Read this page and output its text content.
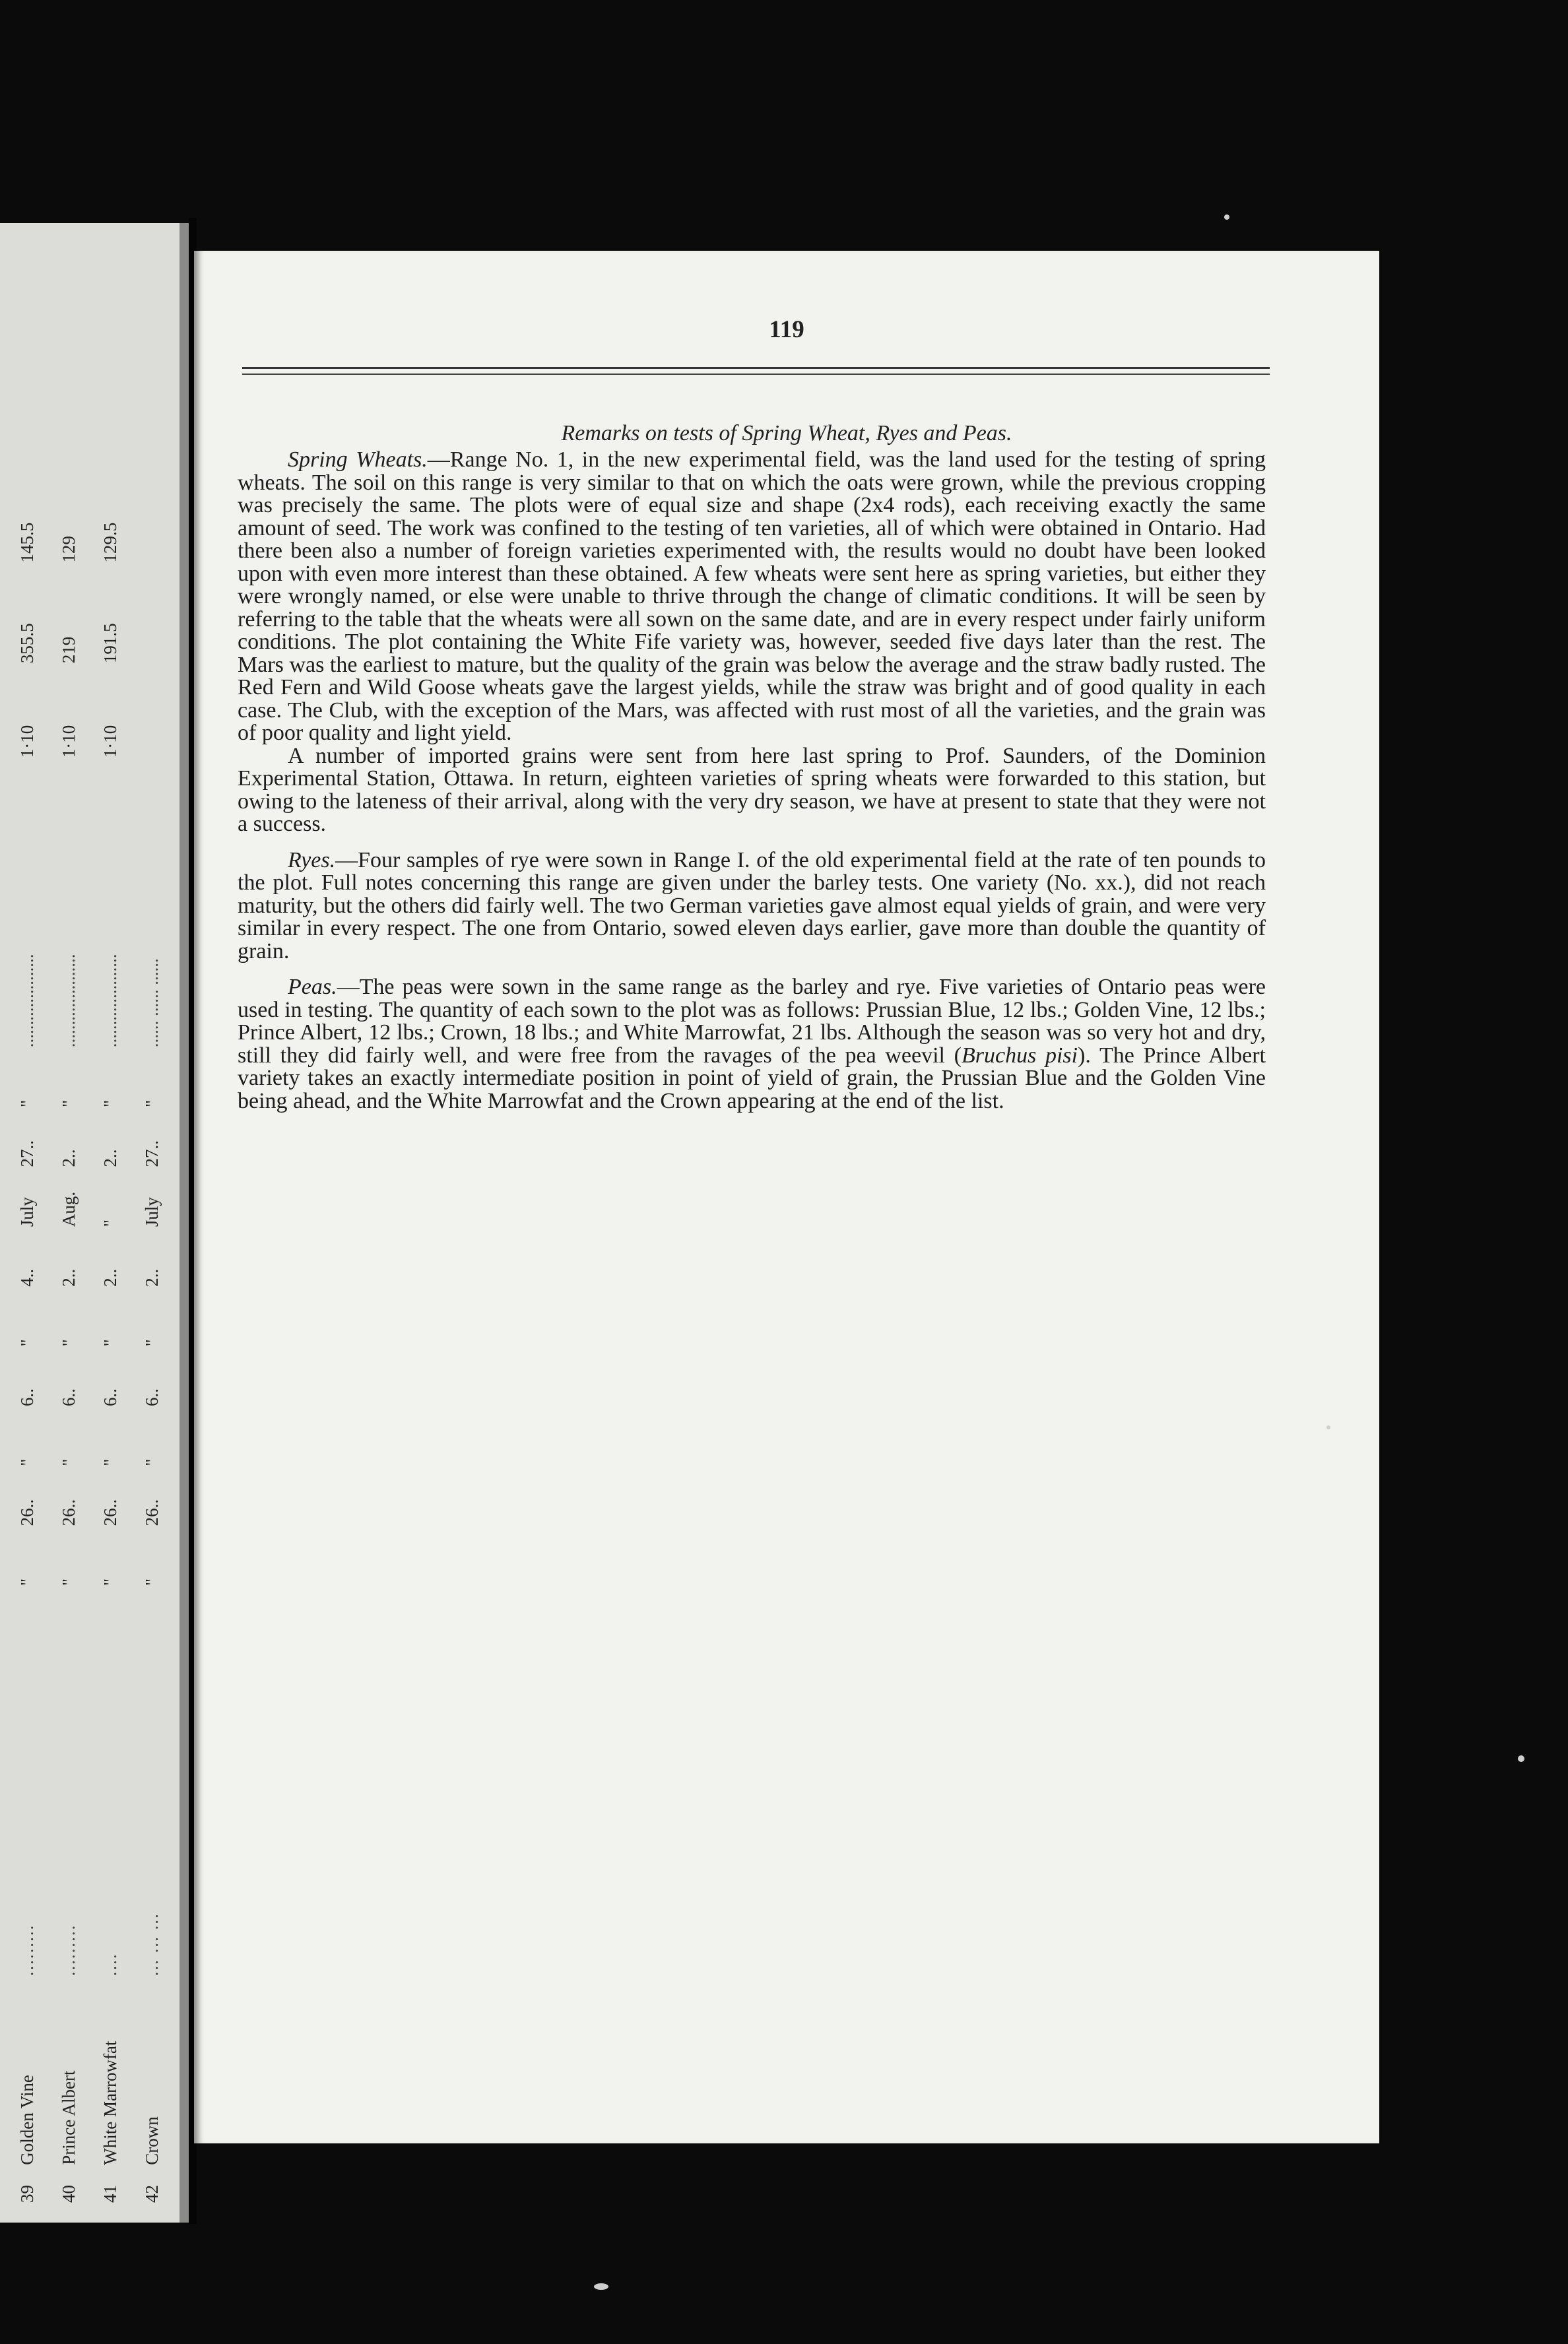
39
Golden Vine
.........
"
26..
"
6..
"
4..
July
27..
"
.....................
1·10
355.5
145.5
40
Prince Albert
.........
"
26..
"
6..
"
2..
Aug.
2..
"
.....................
1·10
219
129
41
White Marrowfat
....
"
26..
"
6..
"
2..
"
2..
"
.....................
1·10
191.5
129.5
42
Crown
... ... ...
"
26..
"
6..
"
2..
July
27..
"
...... ...... ......
119
Remarks on tests of Spring Wheat, Ryes and Peas.

Spring Wheats.—Range No. 1, in the new experimental field, was the land used for the testing of spring wheats. The soil on this range is very similar to that on which the oats were grown, while the previous cropping was precisely the same. The plots were of equal size and shape (2x4 rods), each receiving exactly the same amount of seed. The work was confined to the testing of ten varieties, all of which were obtained in Ontario. Had there been also a number of foreign varieties experimented with, the results would no doubt have been looked upon with even more interest than these obtained. A few wheats were sent here as spring varieties, but either they were wrongly named, or else were unable to thrive through the change of climatic conditions. It will be seen by referring to the table that the wheats were all sown on the same date, and are in every respect under fairly uniform conditions. The plot containing the White Fife variety was, however, seeded five days later than the rest. The Mars was the earliest to mature, but the quality of the grain was below the average and the straw badly rusted. The Red Fern and Wild Goose wheats gave the largest yields, while the straw was bright and of good quality in each case. The Club, with the exception of the Mars, was affected with rust most of all the varieties, and the grain was of poor quality and light yield.

A number of imported grains were sent from here last spring to Prof. Saunders, of the Dominion Experimental Station, Ottawa. In return, eighteen varieties of spring wheats were forwarded to this station, but owing to the lateness of their arrival, along with the very dry season, we have at present to state that they were not a success.

Ryes.—Four samples of rye were sown in Range I. of the old experimental field at the rate of ten pounds to the plot. Full notes concerning this range are given under the barley tests. One variety (No. xx.), did not reach maturity, but the others did fairly well. The two German varieties gave almost equal yields of grain, and were very similar in every respect. The one from Ontario, sowed eleven days earlier, gave more than double the quantity of grain.

Peas.—The peas were sown in the same range as the barley and rye. Five varieties of Ontario peas were used in testing. The quantity of each sown to the plot was as follows: Prussian Blue, 12 lbs.; Golden Vine, 12 lbs.; Prince Albert, 12 lbs.; Crown, 18 lbs.; and White Marrowfat, 21 lbs. Although the season was so very hot and dry, still they did fairly well, and were free from the ravages of the pea weevil (Bruchus pisi). The Prince Albert variety takes an exactly intermediate position in point of yield of grain, the Prussian Blue and the Golden Vine being ahead, and the White Marrowfat and the Crown appearing at the end of the list.
